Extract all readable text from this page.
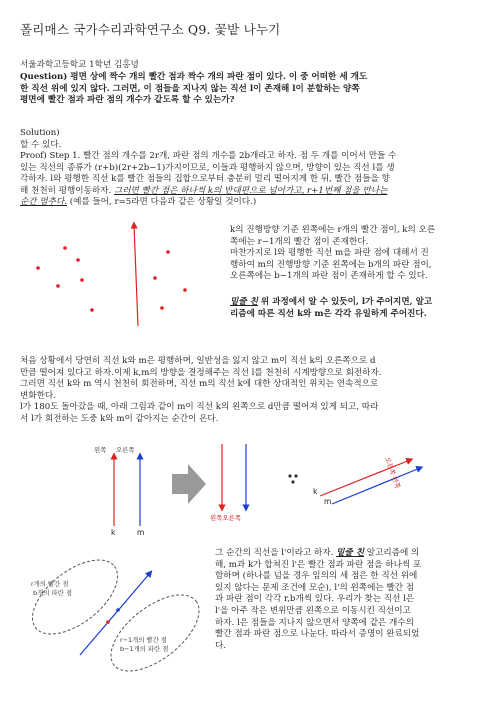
폴리매스 국가수리과학연구소 Q9. 꽃밭 나누기
서울과학고등학교 1학년 김홍녕
Question) 평면 상에 짝수 개의 빨간 점과 짝수 개의 파란 점이 있다. 이 중 어떠한 세 개도
한 직선 위에 있지 않다. 그러면, 이 점들을 지나지 않는 직선 l이 존재해 l이 분할하는 양쪽
평면에 빨간 점과 파란 점의 개수가 같도록 할 수 있는가?
Solution)
할 수 있다.
Proof) Step 1. 빨간 점의 개수를 2r개, 파란 점의 개수를 2b개라고 하자. 점 두 개를 이어서 만들 수
있는 직선의 종류가 (r+b)(2r+2b−1)가지이므로, 이들과 평행하지 않으며, 방향이 있는 직선 l를 생
각하자. l와 평행한 직선 k를 빨간 점들의 집합으로부터 충분히 멀리 떨어지게 한 뒤, 빨간 점들을 향
해 천천히 평행이동하자. 그러면 빨간 점은 하나씩 k의 반대편으로 넘어가고, r+1번째 점을 만나는
순간 멈추다. (예를 들어, r=5라면 다음과 같은 상황일 것이다.)
k의 진행방향 기준 왼쪽에는 r개의 빨간 점이, k의 오른
쪽에는 r−1개의 빨간 점이 존재한다.
마찬가지로 l와 평행한 직선 m을 파란 점에 대해서 진
행하여 m의 진행방향 기준 왼쪽에는 b개의 파란 점이,
오른쪽에는 b−1개의 파란 점이 존재하게 할 수 있다.
밑줄 친 위 과정에서 알 수 있듯이, l가 주어지면, 알고
리즘에 따른 직선 k와 m은 각각 유일하게 주어진다.
처음 상황에서 당연히 직선 k와 m은 평행하며, 일반성을 잃지 않고 m이 직선 k의 오른쪽으로 d
만큼 떨어져 있다고 하자.이제 k,m의 방향을 결정해주는 직선 l를 천천히 시계방향으로 회전하자.
그러면 직선 k와 m 역시 천천히 회전하며, 직선 m의 직선 k에 대한 상대적인 위치는 연속적으로
변화한다.
l가 180도 돌아갔을 때, 아래 그림과 같이 m이 직선 k의 왼쪽으로 d만큼 떨어져 있게 되고, 따라
서 l가 회전하는 도중 k와 m이 같아지는 순간이 온다.
왼쪽 오른쪽
k	m
왼쪽오른쪽
k
m
오른쪽 왼쪽
r개의 빨간 점
b개의 파란 점
r−1개의 빨간 점
b−1개의 파란 점
그 순간의 직선을 l'이라고 하자. 밑줄 친 알고리즘에 의
해, m과 k가 합쳐진 l'은 빨간 점과 파란 점을 하나씩 포
함하며 (하나를 넘을 경우 임의의 세 점은 한 직선 위에
있지 않다는 문제 조건에 모순), l'의 왼쪽에는 빨간 점
과 파란 점이 각각 r,b개씩 있다. 우리가 찾는 직선 l은
l'을 아주 작은 변위만큼 왼쪽으로 이동시킨 직선이고
하자. l은 점들을 지나지 않으면서 양쪽에 같은 개수의
빨간 점과 파란 점으로 나눈다. 따라서 증명이 완료되었
다.
